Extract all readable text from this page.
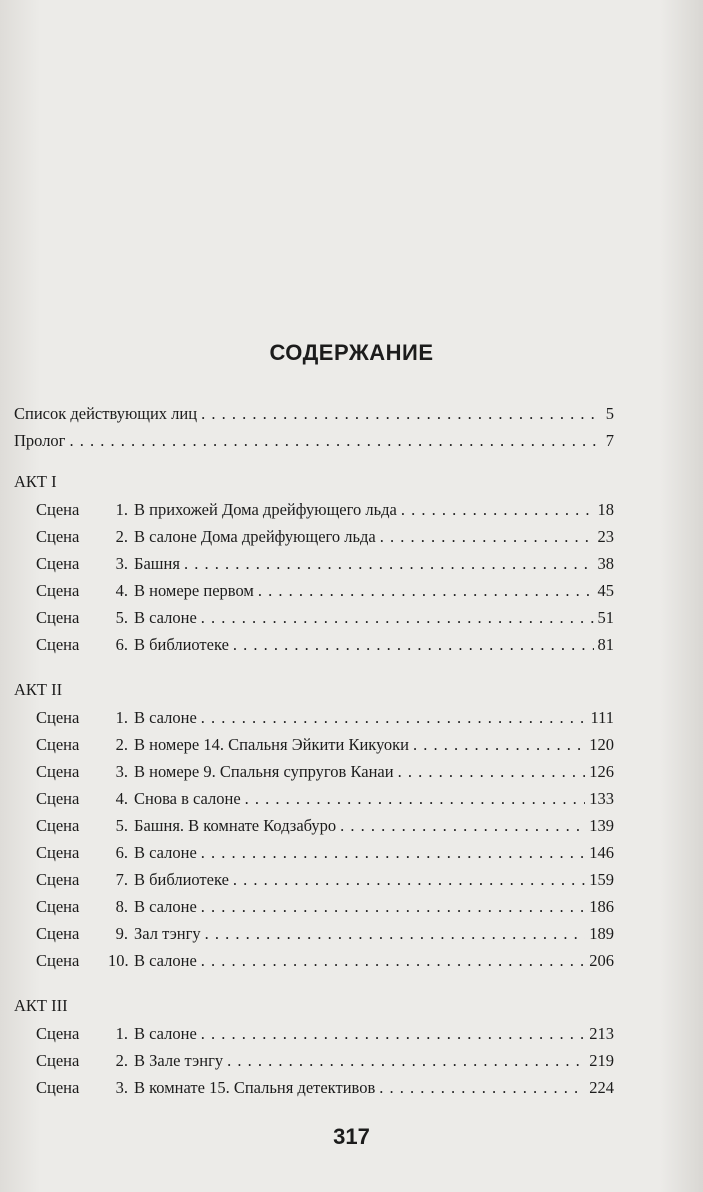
СОДЕРЖАНИЕ
Список действующих лиц . . .	5
Пролог . . .	7
АКТ I
Сцена 1. В прихожей Дома дрейфующего льда . . .	18
Сцена 2. В салоне Дома дрейфующего льда . . .	23
Сцена 3. Башня . . .	38
Сцена 4. В номере первом . . .	45
Сцена 5. В салоне . . .	51
Сцена 6. В библиотеке . . .	81
АКТ II
Сцена 1. В салоне . . .	111
Сцена 2. В номере 14. Спальня Эйкити Кикуоки . . .	120
Сцена 3. В номере 9. Спальня супругов Канаи . . .	126
Сцена 4. Снова в салоне . . .	133
Сцена 5. Башня. В комнате Кодзабуро . . .	139
Сцена 6. В салоне . . .	146
Сцена 7. В библиотеке . . .	159
Сцена 8. В салоне . . .	186
Сцена 9. Зал тэнгу . . .	189
Сцена 10. В салоне . . .	206
АКТ III
Сцена 1. В салоне . . .	213
Сцена 2. В Зале тэнгу . . .	219
Сцена 3. В комнате 15. Спальня детективов . . .	224
317
